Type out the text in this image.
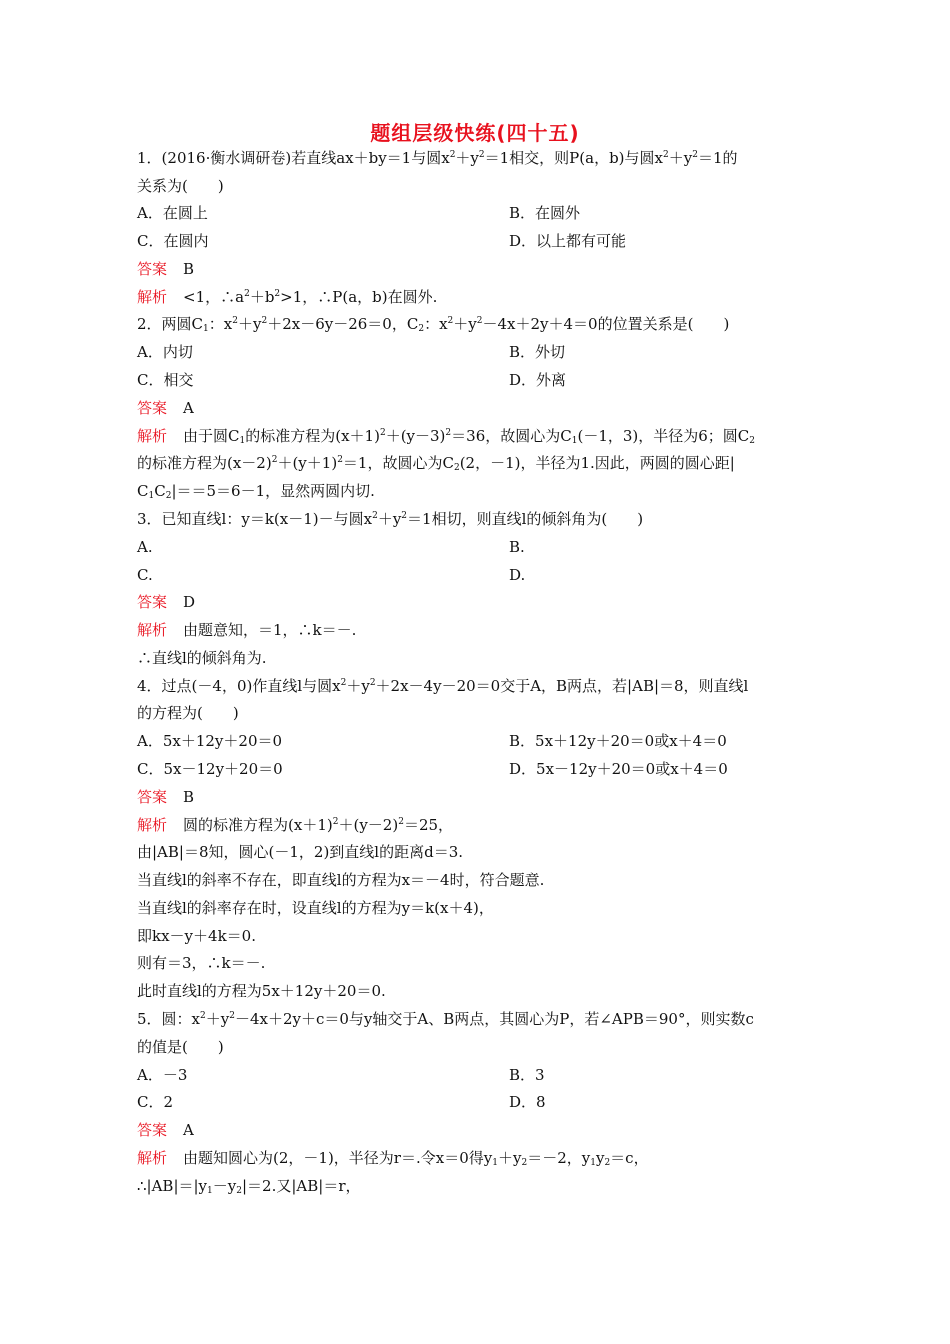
题组层级快练(四十五)
1．(2016·衡水调研卷)若直线ax＋by＝1与圆$x^2+y^2=1$相交，则P(a，b)与圆$x^2+y^2=1$的
关系为(　　)
A．在圆上	B．在圆外
C．在圆内	D．以上都有可能
答案 B
解析 <1，$\therefore a^2+b^2>1$，∴P(a，b)在圆外.
2．两圆$C_1$：$x^2+y^2+2x-6y-26=0$，$C_2$：$x^2+y^2-4x+2y+4=0$的位置关系是(　　)
A．内切	B．外切
C．相交	D．外离
答案 A
解析 由于圆$C_1$的标准方程为$(x+1)^2+(y-3)^2=36$，故圆心为$C_1(-1$，3)，半径为6；圆$C_2$
的标准方程为$(x-2)^2+(y+1)^2=1$，故圆心为$C_2(2$，－1)，半径为1.因此，两圆的圆心距|
$C_1C_2|==5=6-1$，显然两圆内切.
3．已知直线l：y＝k(x－1)－与圆$x^2+y^2=1$相切，则直线l的倾斜角为(　　)
A.	B.
C.	D.
答案 D
解析 由题意知，＝1，∴k＝－.
∴直线l的倾斜角为.
4．过点(－4，0)作直线l与圆$x^2+y^2+2x-4y-20=0$交于A，B两点，若|AB|＝8，则直线l
的方程为(　　)
A．5x＋12y＋20＝0	B．5x＋12y＋20＝0或x＋4＝0
C．5x－12y＋20＝0	D．5x－12y＋20＝0或x＋4＝0
答案 B
解析 圆的标准方程为$(x+1)^2+(y-2)^2=25$，
由|AB|＝8知，圆心(－1，2)到直线l的距离d＝3.
当直线l的斜率不存在，即直线l的方程为x＝－4时，符合题意.
当直线l的斜率存在时，设直线l的方程为y＝k(x＋4)，
即kx－y＋4k＝0.
则有＝3，∴k＝－.
此时直线l的方程为5x＋12y＋20＝0.
5．圆：$x^2+y^2-4x+2y+c=0$与y轴交于A、B两点，其圆心为P，若∠APB＝90°，则实数c
的值是(　　)
A．－3	B．3
C．2	D．8
答案 A
解析 由题知圆心为(2，－1)，半径为r＝.令x＝0得$y_1+y_2=-2$，$y_1y_2=c$，
$\therefore|AB|=|y_1-y_2|=2$.又|AB|＝r，
